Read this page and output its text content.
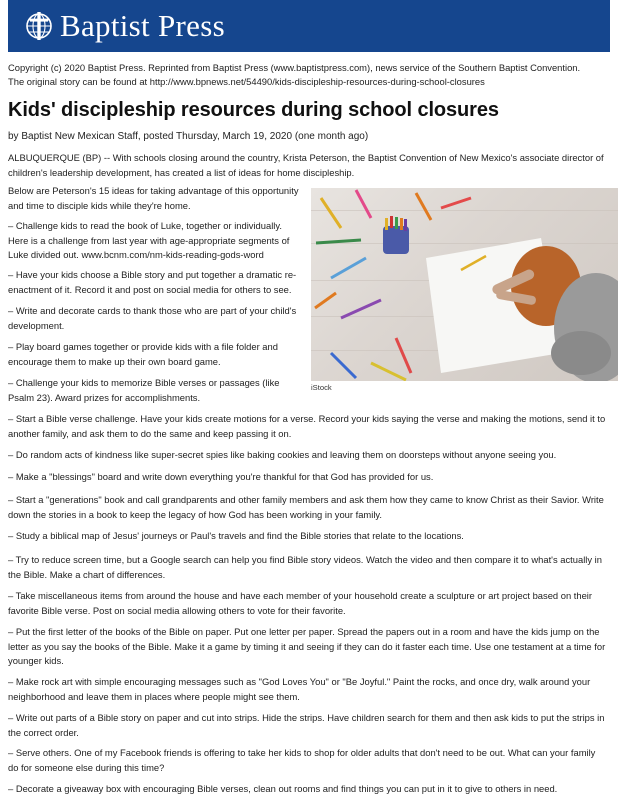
Baptist Press
Copyright (c) 2020 Baptist Press. Reprinted from Baptist Press (www.baptistpress.com), news service of the Southern Baptist Convention.
The original story can be found at http://www.bpnews.net/54490/kids-discipleship-resources-during-school-closures
Kids' discipleship resources during school closures
by Baptist New Mexican Staff, posted Thursday, March 19, 2020 (one month ago)

ALBUQUERQUE (BP) -- With schools closing around the country, Krista Peterson, the Baptist Convention of New Mexico's associate director of children's leadership development, has created a list of ideas for home discipleship.

Below are Peterson's 15 ideas for taking advantage of this opportunity and time to disciple kids while they're home.

– Challenge kids to read the book of Luke, together or individually. Here is a challenge from last year with age-appropriate segments of Luke divided out. www.bcnm.com/nm-kids-reading-gods-word

– Have your kids choose a Bible story and put together a dramatic re-enactment of it. Record it and post on social media for others to see.

– Write and decorate cards to thank those who are part of your child's development.

– Play board games together or provide kids with a file folder and encourage them to make up their own board game.

– Challenge your kids to memorize Bible verses or passages (like Psalm 23). Award prizes for accomplishments.

iStock

– Start a Bible verse challenge. Have your kids create motions for a verse. Record your kids saying the verse and making the motions, send it to another family, and ask them to do the same and keep passing it on.

– Do random acts of kindness like super-secret spies like baking cookies and leaving them on doorsteps without anyone seeing you.

– Make a "blessings" board and write down everything you're thankful for that God has provided for us.

– Start a "generations" book and call grandparents and other family members and ask them how they came to know Christ as their Savior. Write down the stories in a book to keep the legacy of how God has been working in your family.

– Study a biblical map of Jesus' journeys or Paul's travels and find the Bible stories that relate to the locations.

– Try to reduce screen time, but a Google search can help you find Bible story videos. Watch the video and then compare it to what's actually in the Bible. Make a chart of differences.

– Take miscellaneous items from around the house and have each member of your household create a sculpture or art project based on their favorite Bible verse. Post on social media allowing others to vote for their favorite.

– Put the first letter of the books of the Bible on paper. Put one letter per paper. Spread the papers out in a room and have the kids jump on the letter as you say the books of the Bible. Make it a game by timing it and seeing if they can do it faster each time. Use one testament at a time for younger kids.

– Make rock art with simple encouraging messages such as "God Loves You" or "Be Joyful." Paint the rocks, and once dry, walk around your neighborhood and leave them in places where people might see them.

– Write out parts of a Bible story on paper and cut into strips. Hide the strips. Have children search for them and then ask kids to put the strips in the correct order.

– Serve others. One of my Facebook friends is offering to take her kids to shop for older adults that don't need to be out. What can your family do for someone else during this time?

– Decorate a giveaway box with encouraging Bible verses, clean out rooms and find things you can put in it to give to others in need.
